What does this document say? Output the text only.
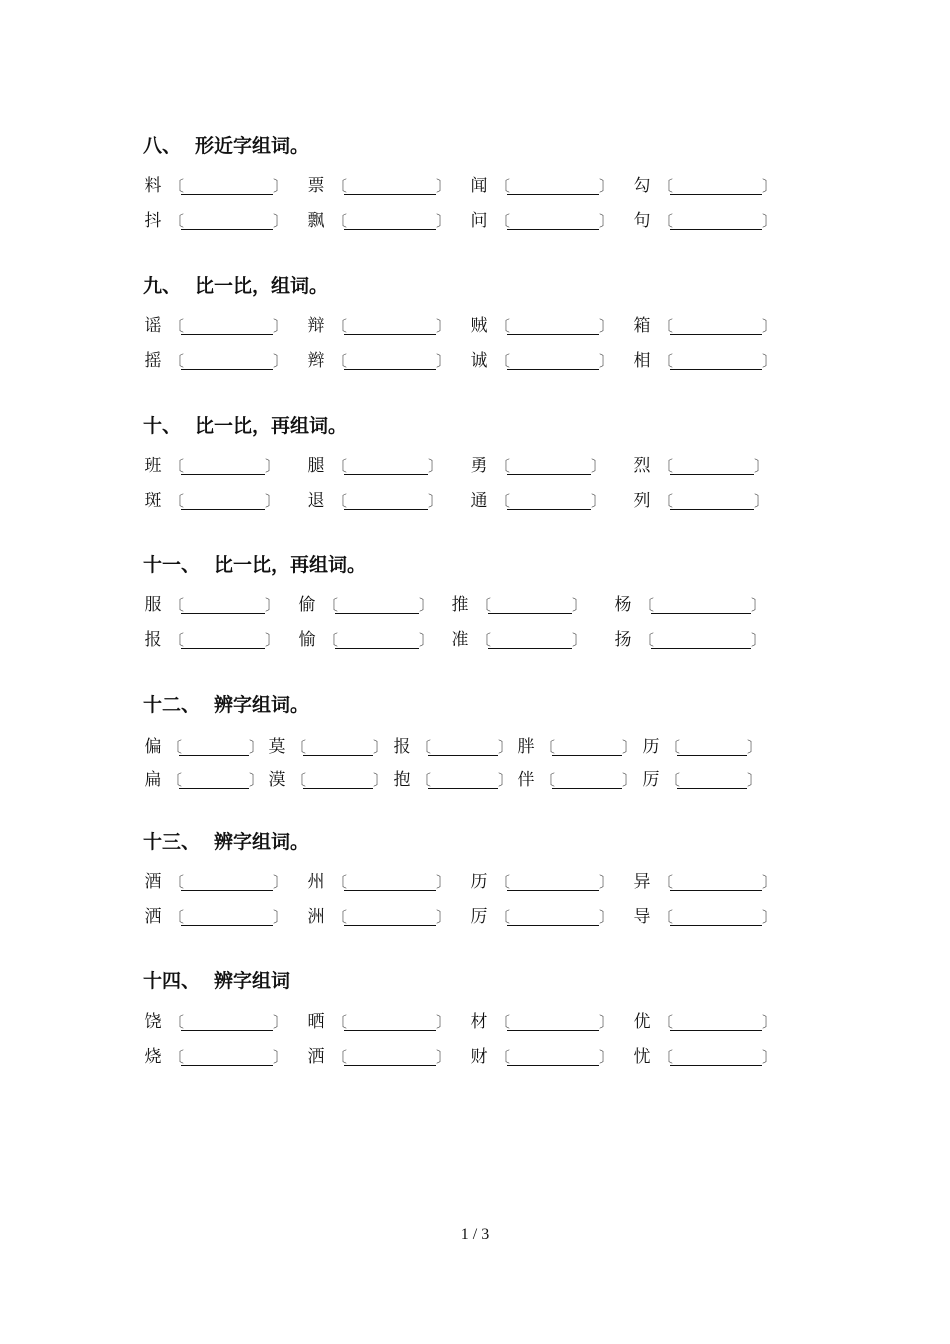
八、 形近字组词。
料 〔	〕 票 〔	〕 闻 〔	〕 勾 〔	〕
抖 〔	〕 飘 〔	〕 问 〔	〕 句 〔	〕
九、 比一比，组词。
谣 〔	〕 辩 〔	〕 贼 〔	〕 箱 〔	〕
摇 〔	〕 辫 〔	〕 诚 〔	〕 相 〔	〕
十、 比一比，再组词。
班 〔	〕 腿 〔	〕 勇 〔	〕 烈 〔	〕
斑 〔	〕 退 〔	〕 通 〔	〕 列 〔	〕
十一、 比一比，再组词。
服 〔	〕 偷 〔	〕 推 〔	〕 杨 〔	〕
报 〔	〕 愉 〔	〕 准 〔	〕 扬 〔	〕
十二、 辨字组词。
偏 〔	〕 莫 〔	〕 报 〔	〕 胖 〔	〕 历 〔	〕
扁 〔	〕 漠 〔	〕 抱 〔	〕 伴 〔	〕 厉 〔	〕
十三、 辨字组词。
酒 〔	〕 州 〔	〕 历 〔	〕 异 〔	〕
洒 〔	〕 洲 〔	〕 厉 〔	〕 导 〔	〕
十四、 辨字组词
饶 〔	〕 晒 〔	〕 材 〔	〕 优 〔	〕
烧 〔	〕 洒 〔	〕 财 〔	〕 忧 〔	〕
1 / 3
